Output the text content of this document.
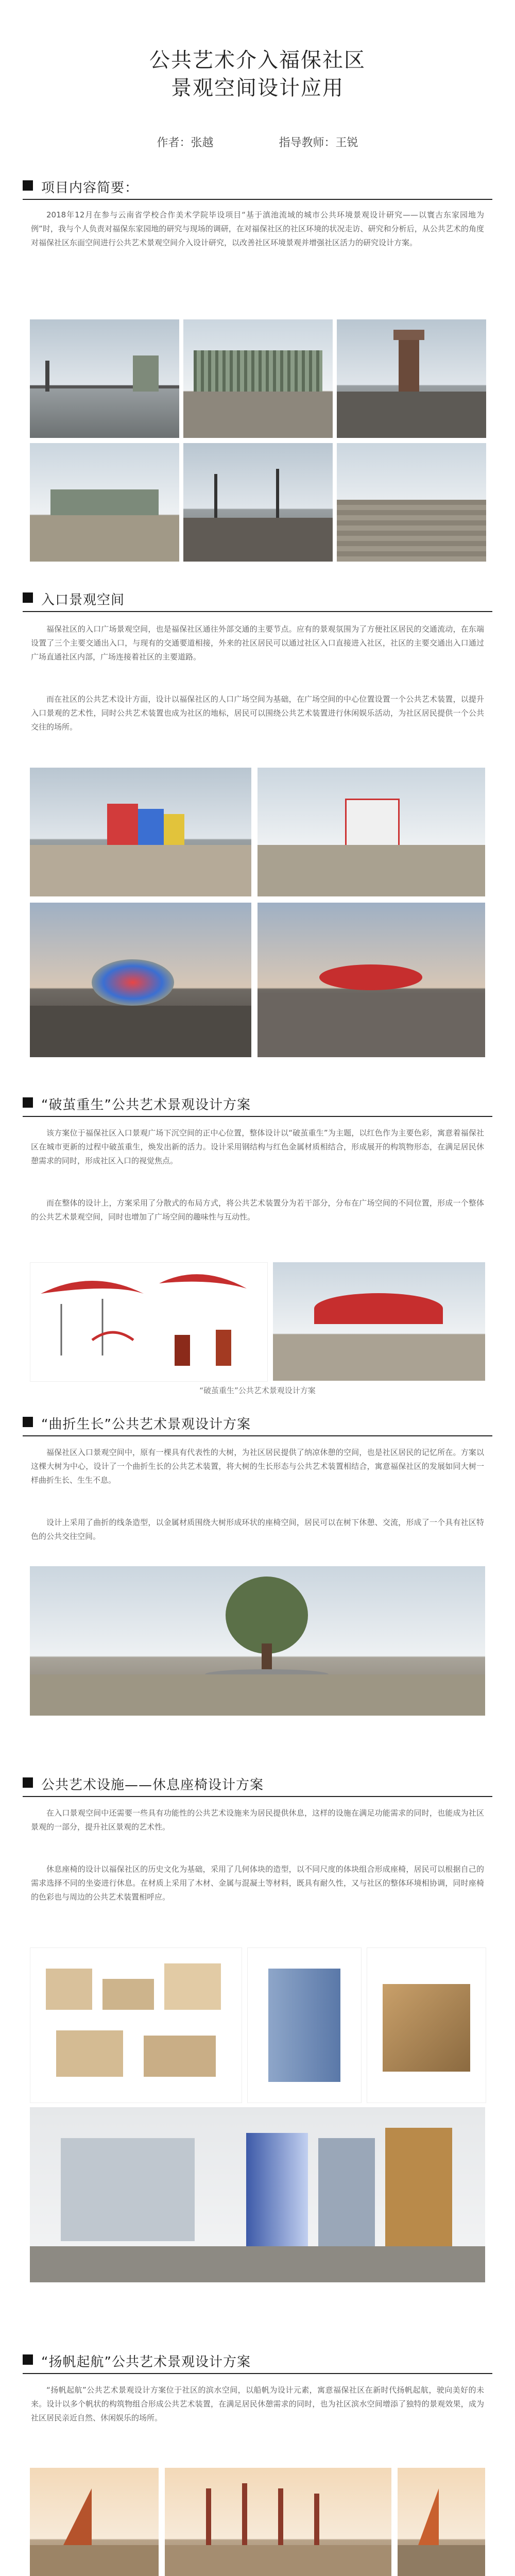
公共艺术介入福保社区
景观空间设计应用
作者：张越	指导教师：王锐
项目内容简要：
2018年12月在参与云南省学校合作美术学院毕设项目“基于滇池流域的城市公共环境景观设计研究——以寰古东家园地为例”时，我与个人负责对福保东家园地的研究与现场的调研，在对福保社区的社区环境的状况走访、研究和分析后，从公共艺术的角度对福保社区东面空间进行公共艺术景观空间介入设计研究，以改善社区环境景观并增强社区活力的研究设计方案。
入口景观空间
福保社区的入口广场景观空间，也是福保社区通往外部交通的主要节点。应有的景观氛围为了方便社区居民的交通流动，在东端设置了三个主要交通出入口，与现有的交通要道相接，外来的社区居民可以通过社区入口直接进入社区，社区的主要交通出入口通过广场直通社区内部，广场连接着社区的主要道路。
而在社区的公共艺术设计方面，设计以福保社区的人口广场空间为基础，在广场空间的中心位置设置一个公共艺术装置，以提升入口景观的艺术性，同时公共艺术装置也成为社区的地标，居民可以围绕公共艺术装置进行休闲娱乐活动，为社区居民提供一个公共交往的场所。
“破茧重生”公共艺术景观设计方案
该方案位于福保社区入口景观广场下沉空间的正中心位置，整体设计以“破茧重生”为主题，以红色作为主要色彩，寓意着福保社区在城市更新的过程中破茧重生，焕发出新的活力。设计采用钢结构与红色金属材质相结合，形成展开的构筑物形态，在满足居民休憩需求的同时，形成社区入口的视觉焦点。
而在整体的设计上，方案采用了分散式的布局方式，将公共艺术装置分为若干部分，分布在广场空间的不同位置，形成一个整体的公共艺术景观空间，同时也增加了广场空间的趣味性与互动性。
“破茧重生”公共艺术景观设计方案
“曲折生长”公共艺术景观设计方案
福保社区入口景观空间中，原有一棵具有代表性的大树，为社区居民提供了纳凉休憩的空间，也是社区居民的记忆所在。方案以这棵大树为中心，设计了一个曲折生长的公共艺术装置，将大树的生长形态与公共艺术装置相结合，寓意福保社区的发展如同大树一样曲折生长、生生不息。
设计上采用了曲折的线条造型，以金属材质围绕大树形成环状的座椅空间，居民可以在树下休憩、交流，形成了一个具有社区特色的公共交往空间。
公共艺术设施——休息座椅设计方案
在入口景观空间中还需要一些具有功能性的公共艺术设施来为居民提供休息，这样的设施在满足功能需求的同时，也能成为社区景观的一部分，提升社区景观的艺术性。
休息座椅的设计以福保社区的历史文化为基础，采用了几何体块的造型，以不同尺度的体块组合形成座椅，居民可以根据自己的需求选择不同的坐姿进行休息。在材质上采用了木材、金属与混凝土等材料，既具有耐久性，又与社区的整体环境相协调，同时座椅的色彩也与周边的公共艺术装置相呼应。
“扬帆起航”公共艺术景观设计方案
“扬帆起航”公共艺术景观设计方案位于社区的滨水空间，以船帆为设计元素，寓意福保社区在新时代扬帆起航，驶向美好的未来。设计以多个帆状的构筑物组合形成公共艺术装置，在满足居民休憩需求的同时，也为社区滨水空间增添了独特的景观效果，成为社区居民亲近自然、休闲娱乐的场所。
